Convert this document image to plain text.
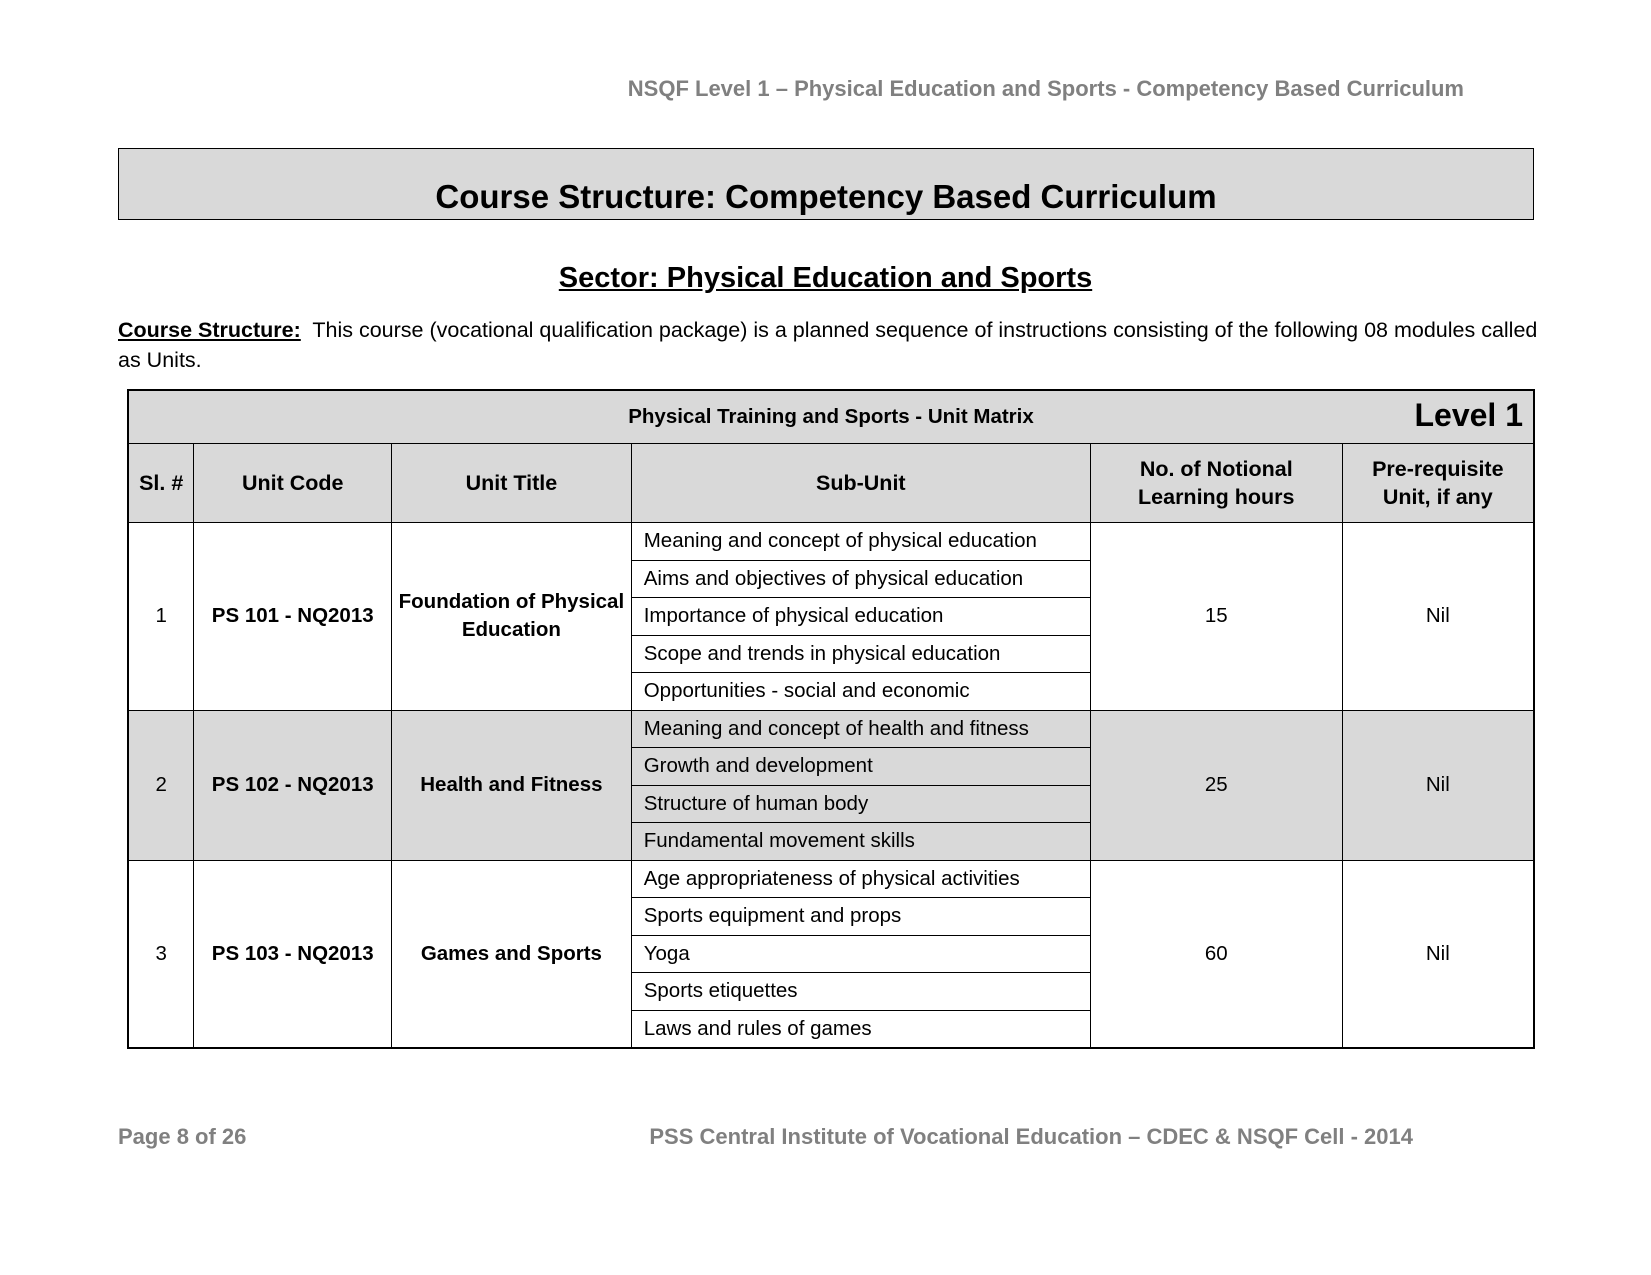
NSQF Level 1 – Physical Education and Sports - Competency Based Curriculum
Course Structure: Competency Based Curriculum
Sector: Physical Education and Sports
Course Structure: This course (vocational qualification package) is a planned sequence of instructions consisting of the following 08 modules called as Units.
Physical Training and Sports - Unit Matrix Level 1					

Sl. #	Unit Code	Unit Title	Sub-Unit	No. of Notional Learning hours	Pre-requisite Unit, if any
1	PS 101 - NQ2013	Foundation of Physical Education	Meaning and concept of physical education	15	Nil
			Aims and objectives of physical education		
			Importance of physical education		
			Scope and trends in physical education		
			Opportunities - social and economic		
2	PS 102 - NQ2013	Health and Fitness	Meaning and concept of health and fitness	25	Nil
			Growth and development		
			Structure of human body		
			Fundamental movement skills		
3	PS 103 - NQ2013	Games and Sports	Age appropriateness of physical activities	60	Nil
			Sports equipment and props		
			Yoga		
			Sports etiquettes		
			Laws and rules of games		
Page 8 of 26	PSS Central Institute of Vocational Education – CDEC & NSQF Cell - 2014
